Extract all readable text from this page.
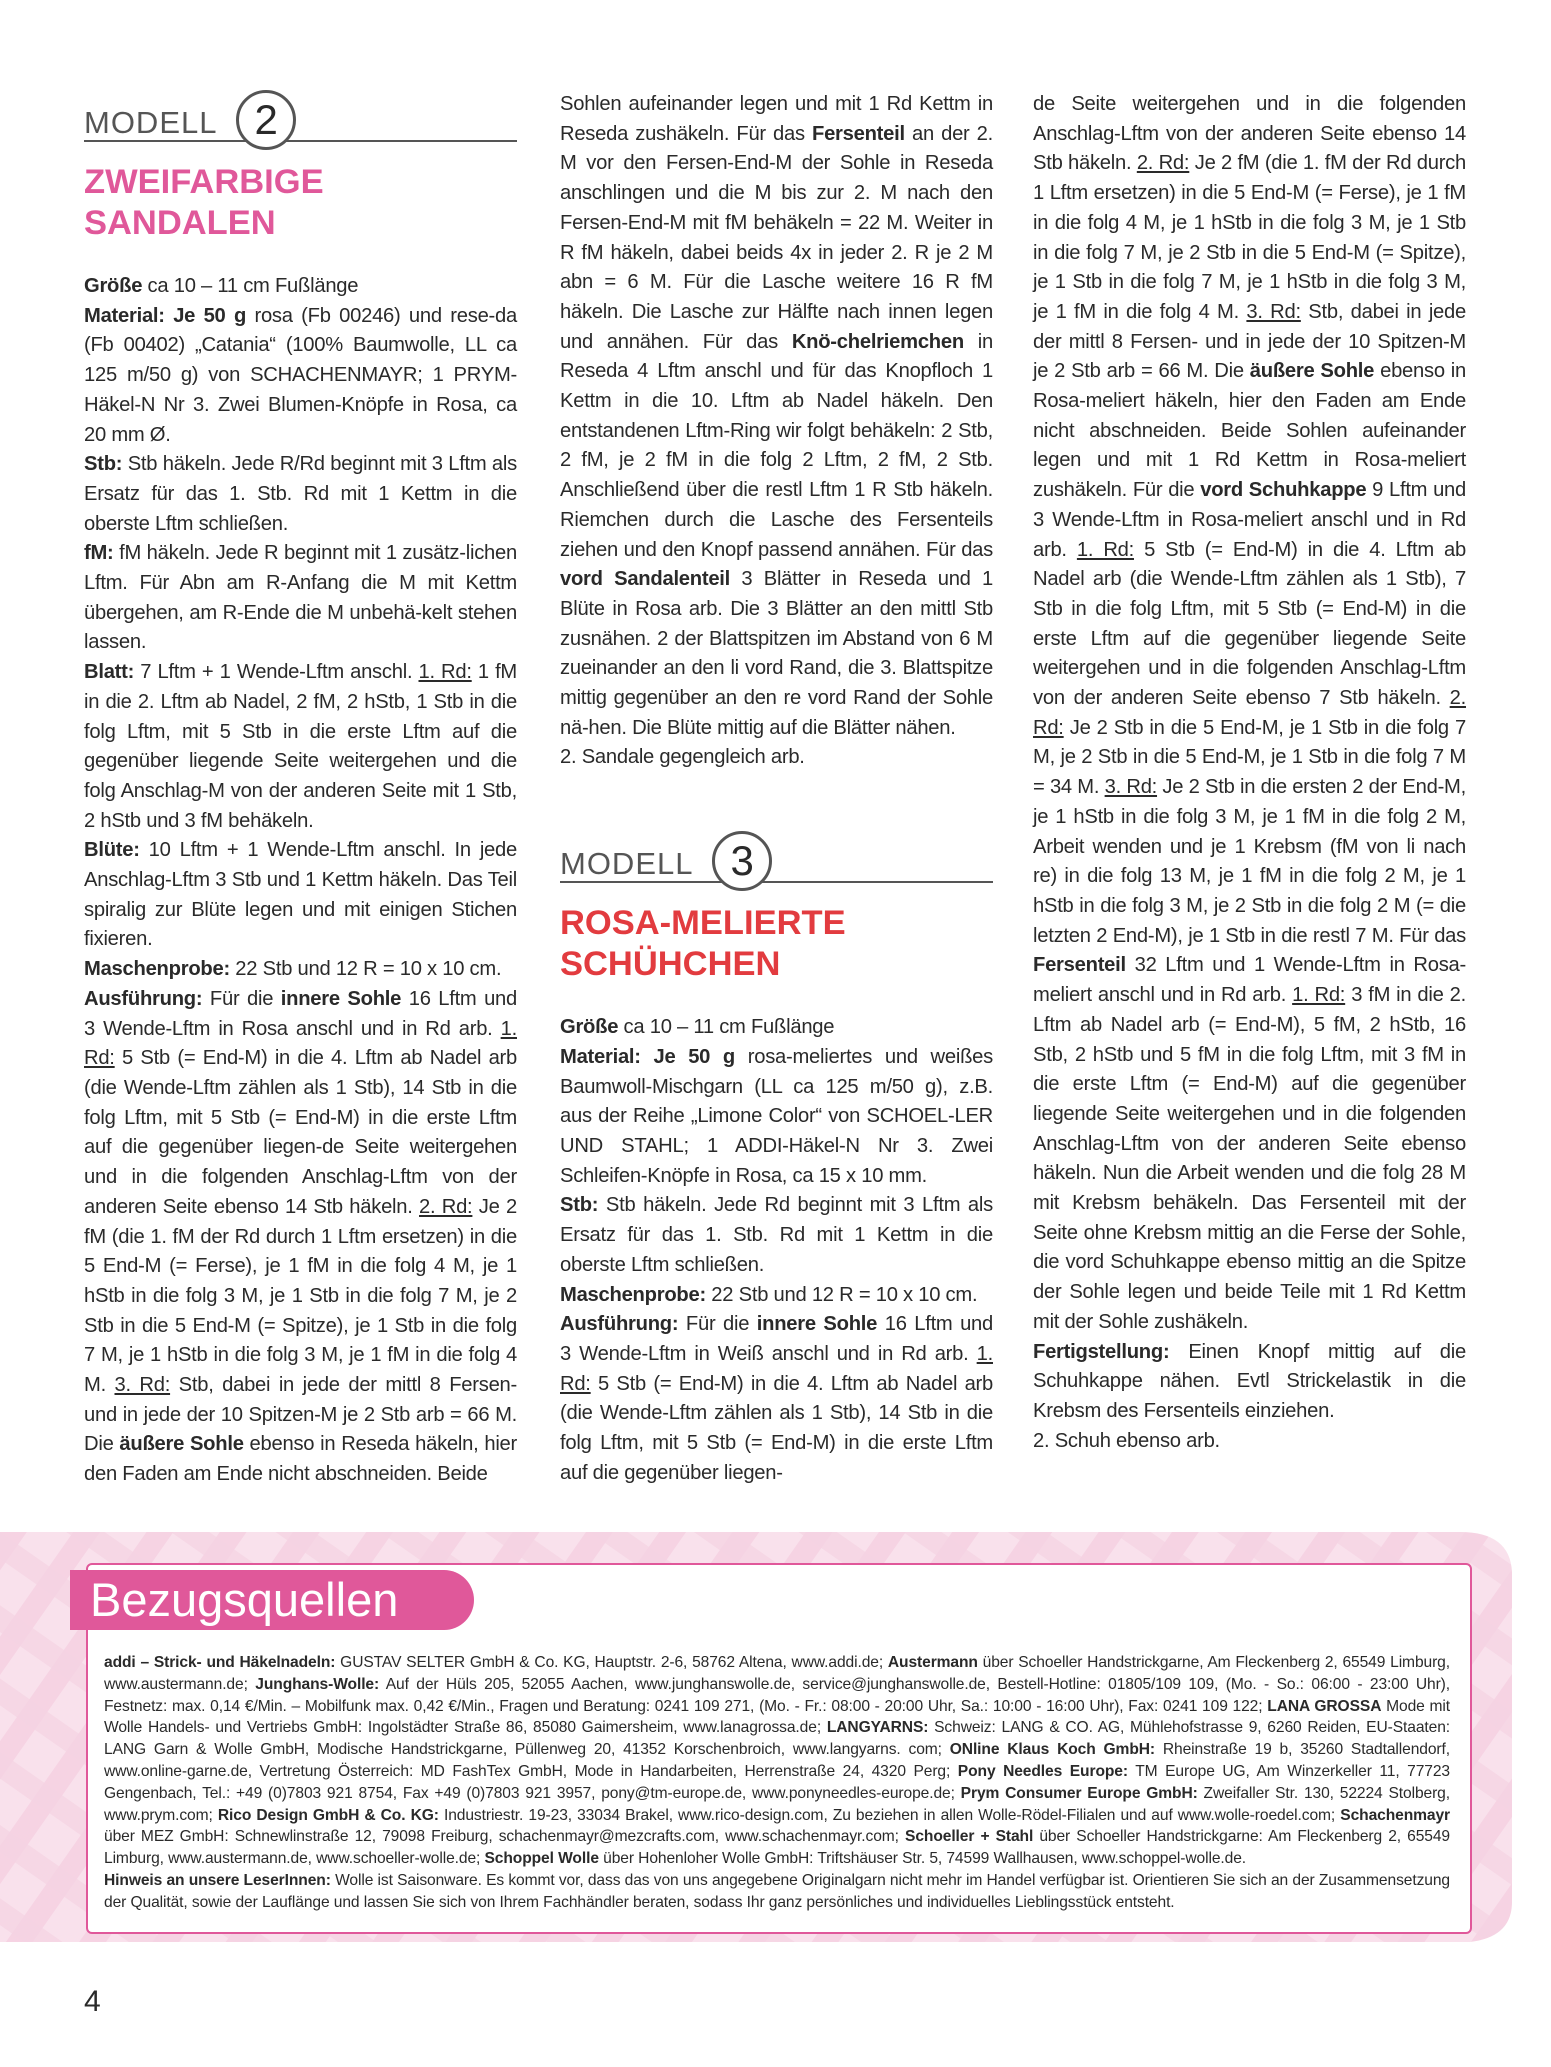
MODELL 2
ZWEIFARBIGE
SANDALEN

Größe ca 10 – 11 cm Fußlänge

Material: Je 50 g rosa (Fb 00246) und rese-da (Fb 00402) „Catania“ (100% Baumwolle, LL ca 125 m/50 g) von SCHACHENMAYR; 1 PRYM-Häkel-N Nr 3. Zwei Blumen-Knöpfe in Rosa, ca 20 mm Ø.

Stb: Stb häkeln. Jede R/Rd beginnt mit 3 Lftm als Ersatz für das 1. Stb. Rd mit 1 Kettm in die oberste Lftm schließen.

fM: fM häkeln. Jede R beginnt mit 1 zusätz-lichen Lftm. Für Abn am R-Anfang die M mit Kettm übergehen, am R-Ende die M unbehä-kelt stehen lassen.

Blatt: 7 Lftm + 1 Wende-Lftm anschl. 1. Rd: 1 fM in die 2. Lftm ab Nadel, 2 fM, 2 hStb, 1 Stb in die folg Lftm, mit 5 Stb in die erste Lftm auf die gegenüber liegende Seite weitergehen und die folg Anschlag-M von der anderen Seite mit 1 Stb, 2 hStb und 3 fM behäkeln.

Blüte: 10 Lftm + 1 Wende-Lftm anschl. In jede Anschlag-Lftm 3 Stb und 1 Kettm häkeln. Das Teil spiralig zur Blüte legen und mit einigen Stichen fixieren.

Maschenprobe: 22 Stb und 12 R = 10 x 10 cm.

Ausführung: Für die innere Sohle 16 Lftm und 3 Wende-Lftm in Rosa anschl und in Rd arb. 1. Rd: 5 Stb (= End-M) in die 4. Lftm ab Nadel arb (die Wende-Lftm zählen als 1 Stb), 14 Stb in die folg Lftm, mit 5 Stb (= End-M) in die erste Lftm auf die gegenüber liegen-de Seite weitergehen und in die folgenden Anschlag-Lftm von der anderen Seite ebenso 14 Stb häkeln. 2. Rd: Je 2 fM (die 1. fM der Rd durch 1 Lftm ersetzen) in die 5 End-M (= Ferse), je 1 fM in die folg 4 M, je 1 hStb in die folg 3 M, je 1 Stb in die folg 7 M, je 2 Stb in die 5 End-M (= Spitze), je 1 Stb in die folg 7 M, je 1 hStb in die folg 3 M, je 1 fM in die folg 4 M. 3. Rd: Stb, dabei in jede der mittl 8 Fersen- und in jede der 10 Spitzen-M je 2 Stb arb = 66 M. Die äußere Sohle ebenso in Reseda häkeln, hier den Faden am Ende nicht abschneiden. Beide

Sohlen aufeinander legen und mit 1 Rd Kettm in Reseda zushäkeln. Für das Fersenteil an der 2. M vor den Fersen-End-M der Sohle in Reseda anschlingen und die M bis zur 2. M nach den Fersen-End-M mit fM behäkeln = 22 M. Weiter in R fM häkeln, dabei beids 4x in jeder 2. R je 2 M abn = 6 M. Für die Lasche weitere 16 R fM häkeln. Die Lasche zur Hälfte nach innen legen und annähen. Für das Knö-chelriemchen in Reseda 4 Lftm anschl und für das Knopfloch 1 Kettm in die 10. Lftm ab Nadel häkeln. Den entstandenen Lftm-Ring wir folgt behäkeln: 2 Stb, 2 fM, je 2 fM in die folg 2 Lftm, 2 fM, 2 Stb. Anschließend über die restl Lftm 1 R Stb häkeln. Riemchen durch die Lasche des Fersenteils ziehen und den Knopf passend annähen. Für das vord Sandalenteil 3 Blätter in Reseda und 1 Blüte in Rosa arb. Die 3 Blätter an den mittl Stb zusnähen. 2 der Blattspitzen im Abstand von 6 M zueinander an den li vord Rand, die 3. Blattspitze mittig gegenüber an den re vord Rand der Sohle nä-hen. Die Blüte mittig auf die Blätter nähen.

2. Sandale gegengleich arb.

MODELL 3
ROSA-MELIERTE
SCHÜHCHEN

Größe ca 10 – 11 cm Fußlänge

Material: Je 50 g rosa-meliertes und weißes Baumwoll-Mischgarn (LL ca 125 m/50 g), z.B. aus der Reihe „Limone Color“ von SCHOEL-LER UND STAHL; 1 ADDI-Häkel-N Nr 3. Zwei Schleifen-Knöpfe in Rosa, ca 15 x 10 mm.

Stb: Stb häkeln. Jede Rd beginnt mit 3 Lftm als Ersatz für das 1. Stb. Rd mit 1 Kettm in die oberste Lftm schließen.

Maschenprobe: 22 Stb und 12 R = 10 x 10 cm.

Ausführung: Für die innere Sohle 16 Lftm und 3 Wende-Lftm in Weiß anschl und in Rd arb. 1. Rd: 5 Stb (= End-M) in die 4. Lftm ab Nadel arb (die Wende-Lftm zählen als 1 Stb), 14 Stb in die folg Lftm, mit 5 Stb (= End-M) in die erste Lftm auf die gegenüber liegen-

de Seite weitergehen und in die folgenden Anschlag-Lftm von der anderen Seite ebenso 14 Stb häkeln. 2. Rd: Je 2 fM (die 1. fM der Rd durch 1 Lftm ersetzen) in die 5 End-M (= Ferse), je 1 fM in die folg 4 M, je 1 hStb in die folg 3 M, je 1 Stb in die folg 7 M, je 2 Stb in die 5 End-M (= Spitze), je 1 Stb in die folg 7 M, je 1 hStb in die folg 3 M, je 1 fM in die folg 4 M. 3. Rd: Stb, dabei in jede der mittl 8 Fersen- und in jede der 10 Spitzen-M je 2 Stb arb = 66 M. Die äußere Sohle ebenso in Rosa-meliert häkeln, hier den Faden am Ende nicht abschneiden. Beide Sohlen aufeinander legen und mit 1 Rd Kettm in Rosa-meliert zushäkeln. Für die vord Schuhkappe 9 Lftm und 3 Wende-Lftm in Rosa-meliert anschl und in Rd arb. 1. Rd: 5 Stb (= End-M) in die 4. Lftm ab Nadel arb (die Wende-Lftm zählen als 1 Stb), 7 Stb in die folg Lftm, mit 5 Stb (= End-M) in die erste Lftm auf die gegenüber liegende Seite weitergehen und in die folgenden Anschlag-Lftm von der anderen Seite ebenso 7 Stb häkeln. 2. Rd: Je 2 Stb in die 5 End-M, je 1 Stb in die folg 7 M, je 2 Stb in die 5 End-M, je 1 Stb in die folg 7 M = 34 M. 3. Rd: Je 2 Stb in die ersten 2 der End-M, je 1 hStb in die folg 3 M, je 1 fM in die folg 2 M, Arbeit wenden und je 1 Krebsm (fM von li nach re) in die folg 13 M, je 1 fM in die folg 2 M, je 1 hStb in die folg 3 M, je 2 Stb in die folg 2 M (= die letzten 2 End-M), je 1 Stb in die restl 7 M. Für das Fersenteil 32 Lftm und 1 Wende-Lftm in Rosa-meliert anschl und in Rd arb. 1. Rd: 3 fM in die 2. Lftm ab Nadel arb (= End-M), 5 fM, 2 hStb, 16 Stb, 2 hStb und 5 fM in die folg Lftm, mit 3 fM in die erste Lftm (= End-M) auf die gegenüber liegende Seite weitergehen und in die folgenden Anschlag-Lftm von der anderen Seite ebenso häkeln. Nun die Arbeit wenden und die folg 28 M mit Krebsm behäkeln. Das Fersenteil mit der Seite ohne Krebsm mittig an die Ferse der Sohle, die vord Schuhkappe ebenso mittig an die Spitze der Sohle legen und beide Teile mit 1 Rd Kettm mit der Sohle zushäkeln.

Fertigstellung: Einen Knopf mittig auf die Schuhkappe nähen. Evtl Strickelastik in die Krebsm des Fersenteils einziehen.

2. Schuh ebenso arb.

Bezugsquellen

addi – Strick- und Häkelnadeln: GUSTAV SELTER GmbH & Co. KG, Hauptstr. 2-6, 58762 Altena, www.addi.de; Austermann über Schoeller Handstrickgarne, Am Fleckenberg 2, 65549 Limburg, www.austermann.de; Junghans-Wolle: Auf der Hüls 205, 52055 Aachen, www.junghanswolle.de, service@junghanswolle.de, Bestell-Hotline: 01805/109 109, (Mo. - So.: 06:00 - 23:00 Uhr), Festnetz: max. 0,14 €/Min. – Mobilfunk max. 0,42 €/Min., Fragen und Beratung: 0241 109 271, (Mo. - Fr.: 08:00 - 20:00 Uhr, Sa.: 10:00 - 16:00 Uhr), Fax: 0241 109 122; LANA GROSSA Mode mit Wolle Handels- und Vertriebs GmbH: Ingolstädter Straße 86, 85080 Gaimersheim, www.lanagrossa.de; LANGYARNS: Schweiz: LANG & CO. AG, Mühlehofstrasse 9, 6260 Reiden, EU-Staaten: LANG Garn & Wolle GmbH, Modische Handstrickgarne, Püllenweg 20, 41352 Korschenbroich, www.langyarns. com; ONline Klaus Koch GmbH: Rheinstraße 19 b, 35260 Stadtallendorf, www.online-garne.de, Vertretung Österreich: MD FashTex GmbH, Mode in Handarbeiten, Herrenstraße 24, 4320 Perg; Pony Needles Europe: TM Europe UG, Am Winzerkeller 11, 77723 Gengenbach, Tel.: +49 (0)7803 921 8754, Fax +49 (0)7803 921 3957, pony@tm-europe.de, www.ponyneedles-europe.de; Prym Consumer Europe GmbH: Zweifaller Str. 130, 52224 Stolberg, www.prym.com; Rico Design GmbH & Co. KG: Industriestr. 19-23, 33034 Brakel, www.rico-design.com, Zu beziehen in allen Wolle-Rödel-Filialen und auf www.wolle-roedel.com; Schachenmayr über MEZ GmbH: Schnewlinstraße 12, 79098 Freiburg, schachenmayr@mezcrafts.com, www.schachenmayr.com; Schoeller + Stahl über Schoeller Handstrickgarne: Am Fleckenberg 2, 65549 Limburg, www.austermann.de, www.schoeller-wolle.de; Schoppel Wolle über Hohenloher Wolle GmbH: Triftshäuser Str. 5, 74599 Wallhausen, www.schoppel-wolle.de.

Hinweis an unsere LeserInnen: Wolle ist Saisonware. Es kommt vor, dass das von uns angegebene Originalgarn nicht mehr im Handel verfügbar ist. Orientieren Sie sich an der Zusammensetzung der Qualität, sowie der Lauflänge und lassen Sie sich von Ihrem Fachhändler beraten, sodass Ihr ganz persönliches und individuelles Lieblingsstück entsteht.

4
